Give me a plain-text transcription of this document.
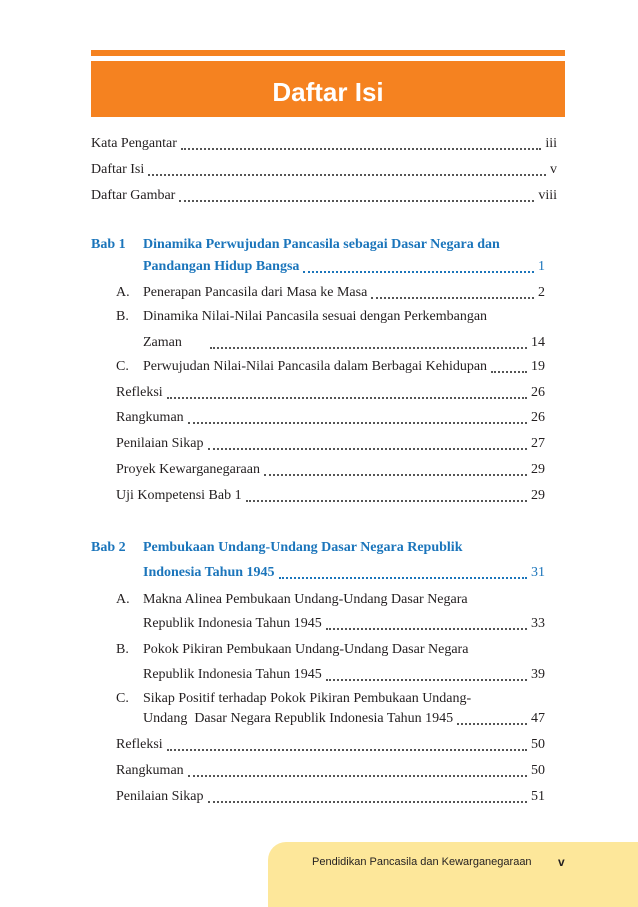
Daftar Isi
Kata Pengantar	iii
Daftar Isi	v
Daftar Gambar	viii
Bab 1 Dinamika Perwujudan Pancasila sebagai Dasar Negara dan
Pandangan Hidup Bangsa	1
A. Penerapan Pancasila dari Masa ke Masa	2
B. Dinamika Nilai-Nilai Pancasila sesuai dengan Perkembangan
Zaman	14
C. Perwujudan Nilai-Nilai Pancasila dalam Berbagai Kehidupan	19
Refleksi	26
Rangkuman	26
Penilaian Sikap	27
Proyek Kewarganegaraan	29
Uji Kompetensi Bab 1	29
Bab 2 Pembukaan Undang-Undang Dasar Negara Republik
Indonesia Tahun 1945	31
A. Makna Alinea Pembukaan Undang-Undang Dasar Negara
Republik Indonesia Tahun 1945	33
B. Pokok Pikiran Pembukaan Undang-Undang Dasar Negara
Republik Indonesia Tahun 1945	39
C. Sikap Positif terhadap Pokok Pikiran Pembukaan Undang-
Undang  Dasar Negara Republik Indonesia Tahun 1945	47
Refleksi	50
Rangkuman	50
Penilaian Sikap	51
Pendidikan Pancasila dan Kewarganegaraan v
